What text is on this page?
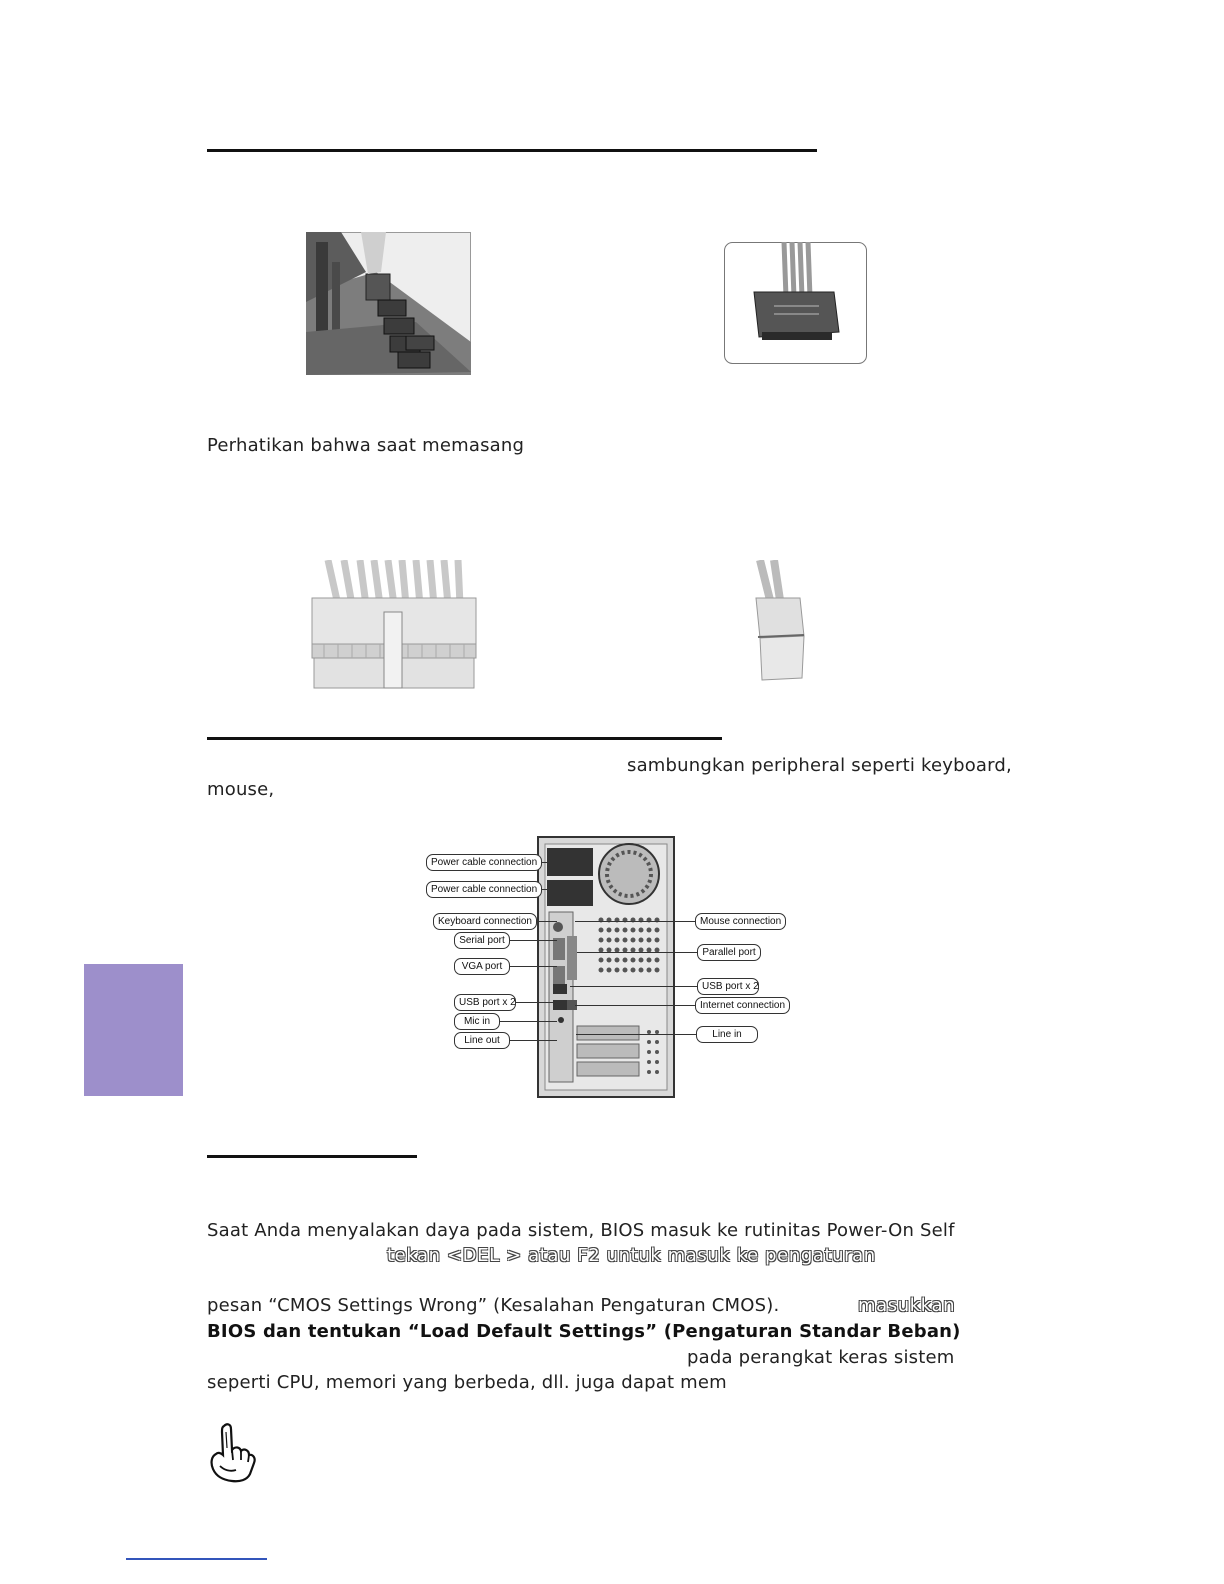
Perhatikan bahwa saat memasang
sambungkan peripheral seperti keyboard,
mouse,
Power cable connection
Power cable connection
Keyboard connection
Serial port
VGA port
USB port x 2
Mic in
Line out
Mouse connection
Parallel port
USB port x 2
Internet connection
Line in
Saat Anda menyalakan daya pada sistem, BIOS masuk ke rutinitas Power-On Self
tekan <DEL > atau F2 untuk masuk ke pengaturan
pesan “CMOS Settings Wrong” (Kesalahan Pengaturan CMOS).	masukkan
BIOS dan tentukan “Load Default Settings” (Pengaturan Standar Beban)
pada perangkat keras sistem
seperti CPU, memori yang berbeda, dll. juga dapat mem
